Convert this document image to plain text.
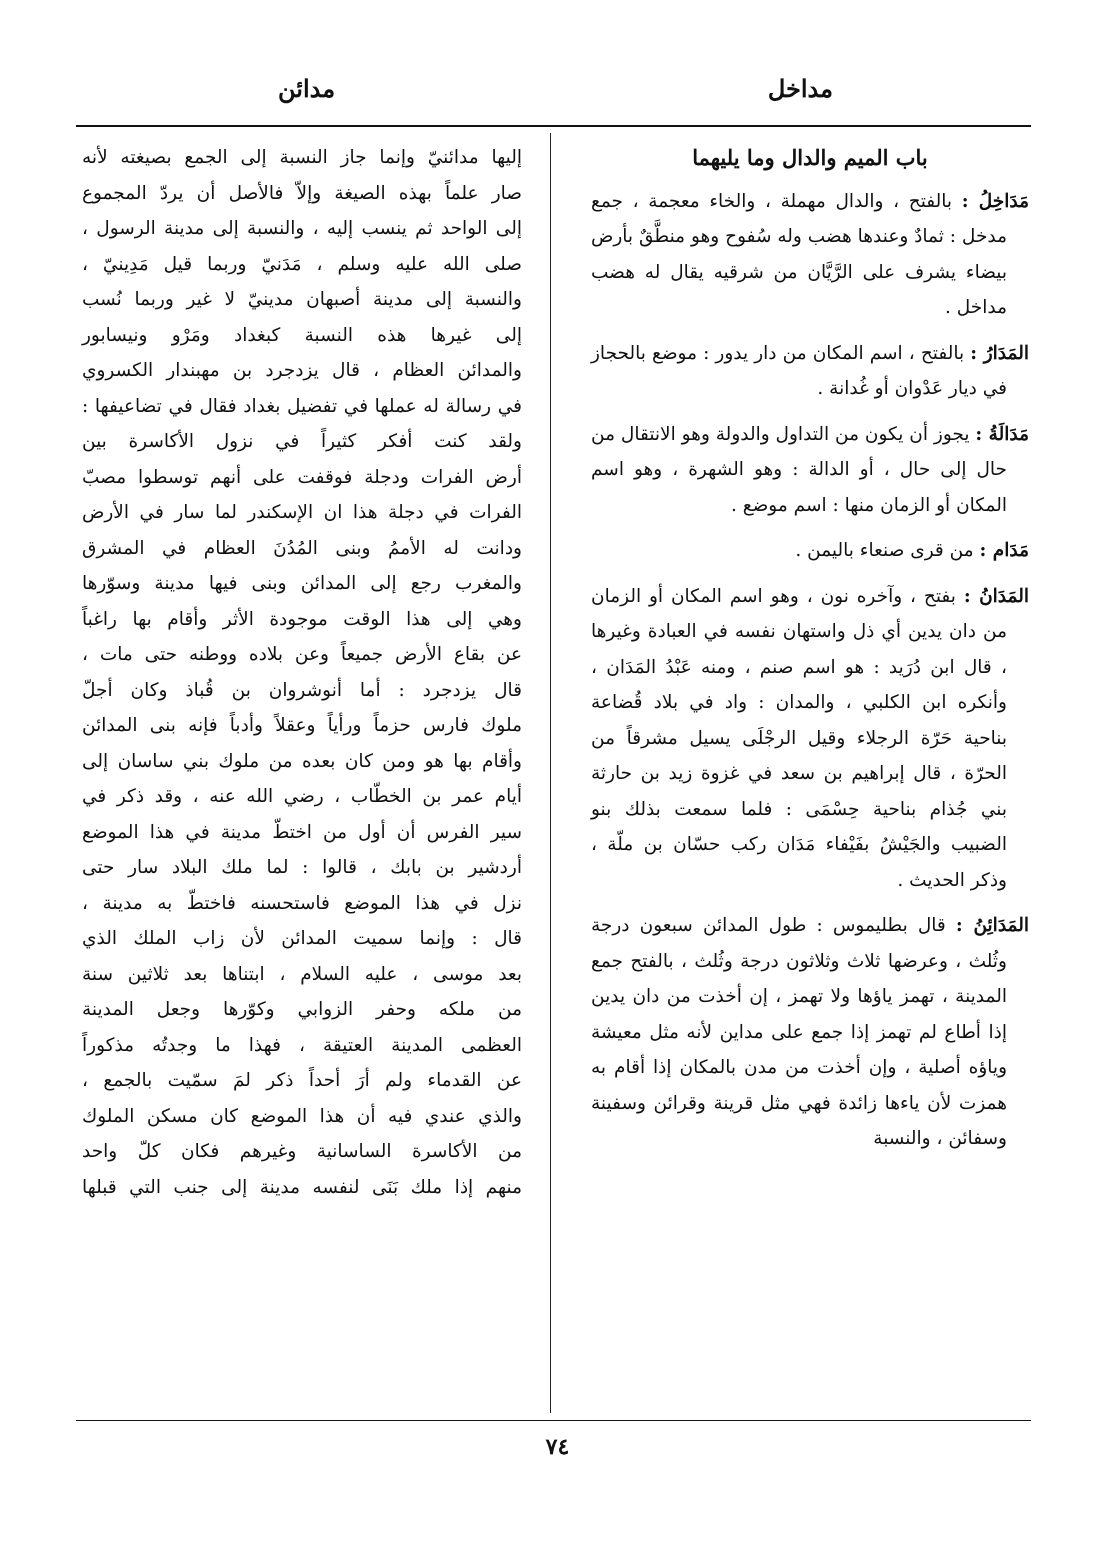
مداخل
مدائن
باب الميم والدال وما يليهما

مَدَاخِلُ : بالفتح ، والدال مهملة ، والخاء معجمة ، جمع مدخل : ثمادٌ وعندها هضب وله سُفوح وهو منطَّقٌ بأرض بيضاء يشرف على الرَّيَّان من شرقيه يقال له هضب مداخل .

المَدَارُ : بالفتح ، اسم المكان من دار يدور : موضع بالحجاز في ديار عَدْوان أو غُدانة .

مَدَالَةُ : يجوز أن يكون من التداول والدولة وهو الانتقال من حال إلى حال ، أو الدالة : وهو الشهرة ، وهو اسم المكان أو الزمان منها : اسم موضع .

مَدَام : من قرى صنعاء باليمن .

المَدَانُ : بفتح ، وآخره نون ، وهو اسم المكان أو الزمان من دان يدين أي ذل واستهان نفسه في العبادة وغيرها ، قال ابن دُرَيد : هو اسم صنم ، ومنه عَبْدُ المَدَان ، وأنكره ابن الكلبي ، والمدان : واد في بلاد قُضاعة بناحية حَرّة الرجلاء وقيل الرجْلَى يسيل مشرقاً من الحرّة ، قال إبراهيم بن سعد في غزوة زيد بن حارثة بني جُذام بناحية حِسْمَى : فلما سمعت بذلك بنو الضبيب والجَيْشُ بفَيْفاء مَدَان ركب حسّان بن ملّة ، وذكر الحديث .

المَدَائِنُ : قال بطليموس : طول المدائن سبعون درجة وثُلث ، وعرضها ثلاث وثلاثون درجة وثُلث ، بالفتح جمع المدينة ، تهمز ياؤها ولا تهمز ، إن أخذت من دان يدين إذا أطاع لم تهمز إذا جمع على مداين لأنه مثل معيشة وياؤه أصلية ، وإن أخذت من مدن بالمكان إذا أقام به همزت لأن ياءها زائدة فهي مثل قرينة وقرائن وسفينة وسفائن ، والنسبة

إليها مدائنيّ وإنما جاز النسبة إلى الجمع بصيغته لأنه
صار علماً بهذه الصيغة وإلاّ فالأصل أن يردّ المجموع
إلى الواحد ثم ينسب إليه ، والنسبة إلى مدينة الرسول ،
صلى الله عليه وسلم ، مَدَنيّ وربما قيل مَدِينيّ ،
والنسبة إلى مدينة أصبهان مدينيّ لا غير وربما نُسب
إلى غيرها هذه النسبة كبغداد ومَرْو ونيسابور
والمدائن العظام ، قال يزدجرد بن مهبندار الكسروي
في رسالة له عملها في تفضيل بغداد فقال في تضاعيفها :
ولقد كنت أفكر كثيراً في نزول الأكاسرة بين
أرض الفرات ودجلة فوقفت على أنهم توسطوا مصبّ
الفرات في دجلة هذا ان الإسكندر لما سار في الأرض
ودانت له الأممُ وبنى المُدُنَ العظام في المشرق
والمغرب رجع إلى المدائن وبنى فيها مدينة وسوّرها
وهي إلى هذا الوقت موجودة الأثر وأقام بها راغباً
عن بقاع الأرض جميعاً وعن بلاده ووطنه حتى مات ،
قال يزدجرد : أما أنوشروان بن قُباذ وكان أجلّ
ملوك فارس حزماً ورأياً وعقلاً وأدباً فإنه بنى المدائن
وأقام بها هو ومن كان بعده من ملوك بني ساسان إلى
أيام عمر بن الخطّاب ، رضي الله عنه ، وقد ذكر في
سير الفرس أن أول من اختطّ مدينة في هذا الموضع
أردشير بن بابك ، قالوا : لما ملك البلاد سار حتى
نزل في هذا الموضع فاستحسنه فاختطّ به مدينة ،
قال : وإنما سميت المدائن لأن زاب الملك الذي
بعد موسى ، عليه السلام ، ابتناها بعد ثلاثين سنة
من ملكه وحفر الزوابي وكوّرها وجعل المدينة
العظمى المدينة العتيقة ، فهذا ما وجدتُه مذكوراً
عن القدماء ولم أرَ أحداً ذكر لمَ سمّيت بالجمع ،
والذي عندي فيه أن هذا الموضع كان مسكن الملوك
من الأكاسرة الساسانية وغيرهم فكان كلّ واحد
منهم إذا ملك بَنَى لنفسه مدينة إلى جنب التي قبلها
٧٤
